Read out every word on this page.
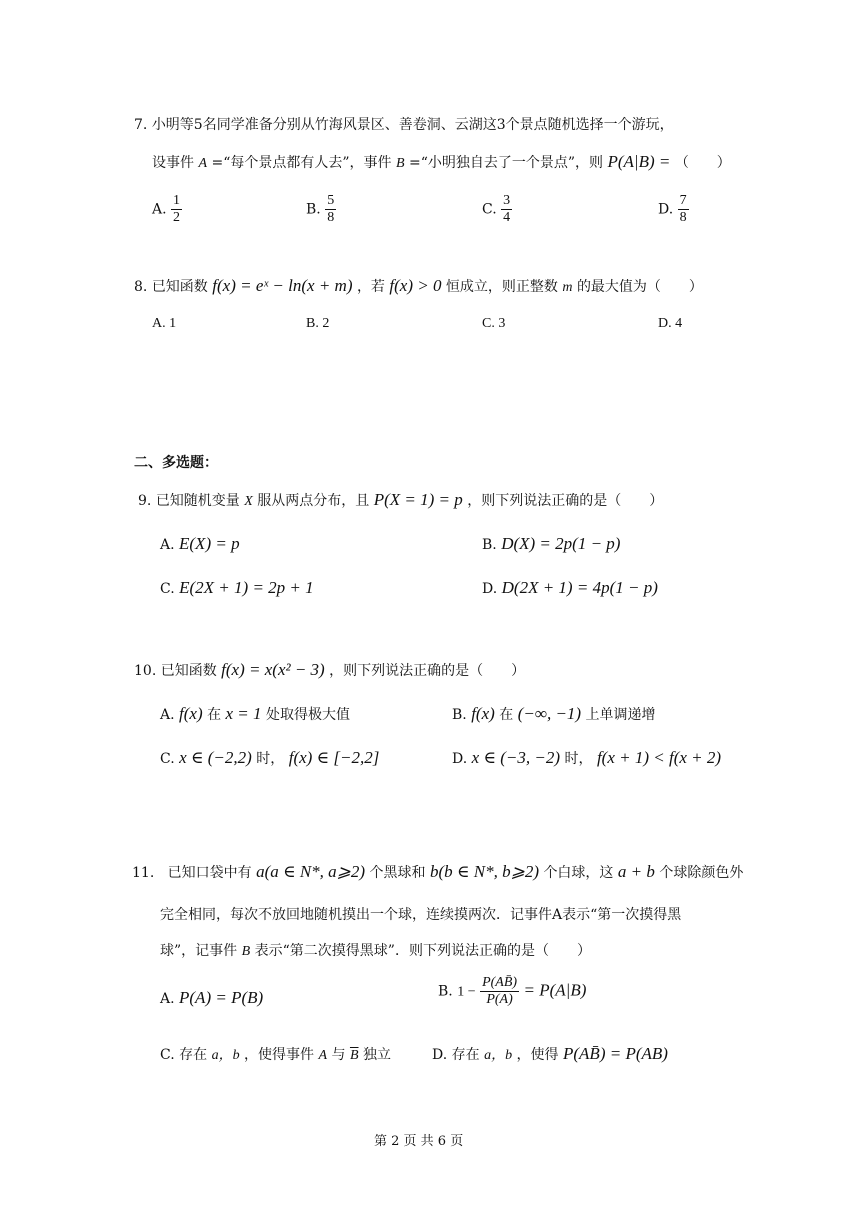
7. 小明等5名同学准备分别从竹海风景区、善卷洞、云湖这3个景点随机选择一个游玩，
设事件 A =“每个景点都有人去”，事件 B =“小明独自去了一个景点”，则 P(A|B) = （　　）
A. $\frac{1}{2}$	B. $\frac{5}{8}$	C. $\frac{3}{4}$	D. $\frac{7}{8}$
8. 已知函数 f(x) = eˣ − ln(x + m) ，若 f(x) > 0 恒成立，则正整数 m 的最大值为（　　）
A. 1	B. 2	C. 3	D. 4
二、多选题：
9. 已知随机变量 X 服从两点分布，且 P(X = 1) = p ，则下列说法正确的是（　　）
A. E(X) = p	B. D(X) = 2p(1 − p)
C. E(2X + 1) = 2p + 1	D. D(2X + 1) = 4p(1 − p)
10. 已知函数 f(x) = x(x² − 3) ，则下列说法正确的是（　　）
A. f(x) 在 x = 1 处取得极大值	B. f(x) 在 (−∞, −1) 上单调递增
C. x ∈ (−2,2) 时， f(x) ∈ [−2,2]	D. x ∈ (−3, −2) 时， f(x + 1) < f(x + 2)
11. 已知口袋中有 a(a ∈ N*, a⩾2) 个黑球和 b(b ∈ N*, b⩾2) 个白球，这 a + b 个球除颜色外
完全相同，每次不放回地随机摸出一个球，连续摸两次．记事件A表示“第一次摸得黑
球”，记事件 B 表示“第二次摸得黑球”．则下列说法正确的是（　　）
A. P(A) = P(B)	B. $1 - \frac{P(AB̄)}{P(A)} = P(A|B)$
C. 存在 a，b ，使得事件 A 与 $\overline{B}$ 独立	D. 存在 a，b ，使得 P(AB̄) = P(AB)
第 2 页 共 6 页
